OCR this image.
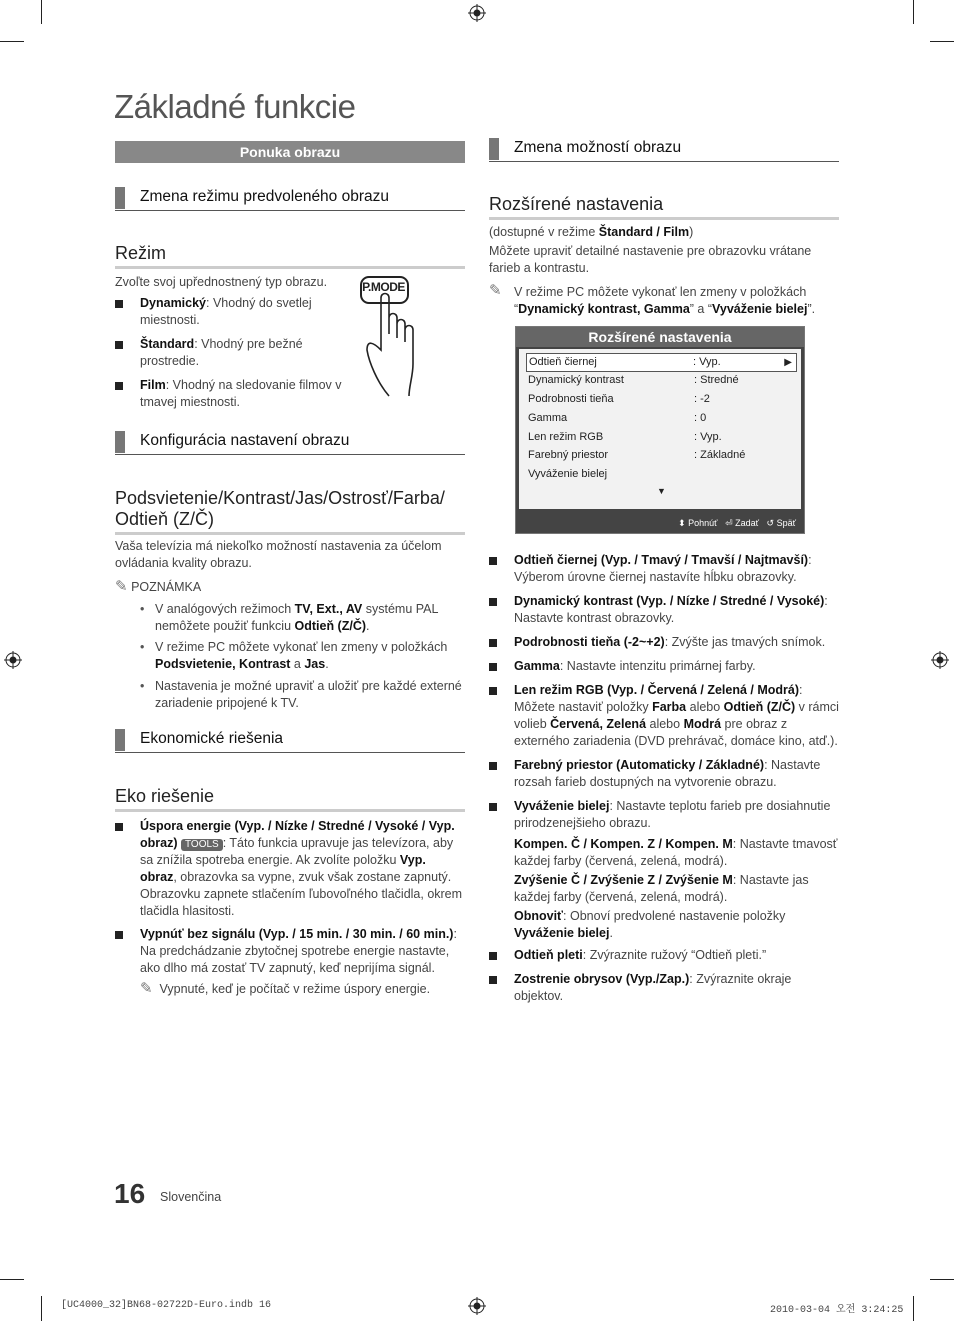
Základné funkcie
Ponuka obrazu
Zmena režimu predvoleného obrazu
Režim
Zvoľte svoj upřednostnený typ obrazu.
Dynamický: Vhodný do svetlej miestnosti.
Štandard: Vhodný pre bežné prostredie.
Film: Vhodný na sledovanie filmov v tmavej miestnosti.
P.MODE
Konfigurácia nastavení obrazu
Podsvietenie/Kontrast/Jas/Ostrosť/Farba/ Odtieň (Z/Č)
Vaša televízia má niekoľko možností nastavenia za účelom ovládania kvality obrazu.
✎ POZNÁMKA
• V analógových režimoch TV, Ext., AV systému PAL nemôžete použiť funkciu Odtieň (Z/Č).
• V režime PC môžete vykonať len zmeny v položkách Podsvietenie, Kontrast a Jas.
• Nastavenia je možné upraviť a uložiť pre každé externé zariadenie pripojené k TV.
Ekonomické riešenia
Eko riešenie
Úspora energie (Vyp. / Nízke / Stredné / Vysoké / Vyp. obraz) TOOLS : Táto funkcia upravuje jas televízora, aby sa znížila spotreba energie. Ak zvolíte položku Vyp. obraz, obrazovka sa vypne, zvuk však zostane zapnutý. Obrazovku zapnete stlačením ľubovoľného tlačidla, okrem tlačidla hlasitosti.
Vypnúť bez signálu (Vyp. / 15 min. / 30 min. / 60 min.): Na predchádzanie zbytočnej spotrebe energie nastavte, ako dlho má zostať TV zapnutý, keď neprijíma signál.
✎ Vypnuté, keď je počítač v režime úspory energie.
Zmena možností obrazu
Rozšírené nastavenia
(dostupné v režime Štandard / Film)
Môžete upraviť detailné nastavenie pre obrazovku vrátane farieb a kontrastu.
✎ V režime PC môžete vykonať len zmeny v položkách “Dynamický kontrast, Gamma” a “Vyváženie bielej”.
Rozšírené nastavenia
Odtieň čiernej	: Vyp.	▶
Dynamický kontrast	: Stredné
Podrobnosti tieňa	: -2
Gamma	: 0
Len režim RGB	: Vyp.
Farebný priestor	: Základné
Vyváženie bielej
▼
⬍ Pohnúť ⏎ Zadať ↺ Späť
Odtieň čiernej (Vyp. / Tmavý / Tmavší / Najtmavší): Výberom úrovne čiernej nastavíte hĺbku obrazovky.
Dynamický kontrast (Vyp. / Nízke / Stredné / Vysoké): Nastavte kontrast obrazovky.
Podrobnosti tieňa (-2~+2): Zvýšte jas tmavých snímok.
Gamma: Nastavte intenzitu primárnej farby.
Len režim RGB (Vyp. / Červená / Zelená / Modrá): Môžete nastaviť položky Farba alebo Odtieň (Z/Č) v rámci volieb Červená, Zelená alebo Modrá pre obraz z externého zariadenia (DVD prehrávač, domáce kino, atď.).
Farebný priestor (Automaticky / Základné): Nastavte rozsah farieb dostupných na vytvorenie obrazu.
Vyváženie bielej: Nastavte teplotu farieb pre dosiahnutie prirodzenejšieho obrazu.
Kompen. Č / Kompen. Z / Kompen. M: Nastavte tmavosť každej farby (červená, zelená, modrá).
Zvýšenie Č / Zvýšenie Z / Zvýšenie M: Nastavte jas každej farby (červená, zelená, modrá).
Obnoviť: Obnoví predvolené nastavenie položky Vyváženie bielej.
Odtieň pleti: Zvýraznite ružový “Odtieň pleti.”
Zostrenie obrysov (Vyp./Zap.): Zvýraznite okraje objektov.
16 Slovenčina
[UC4000_32]BN68-02722D-Euro.indb 16	2010-03-04 오전 3:24:25
